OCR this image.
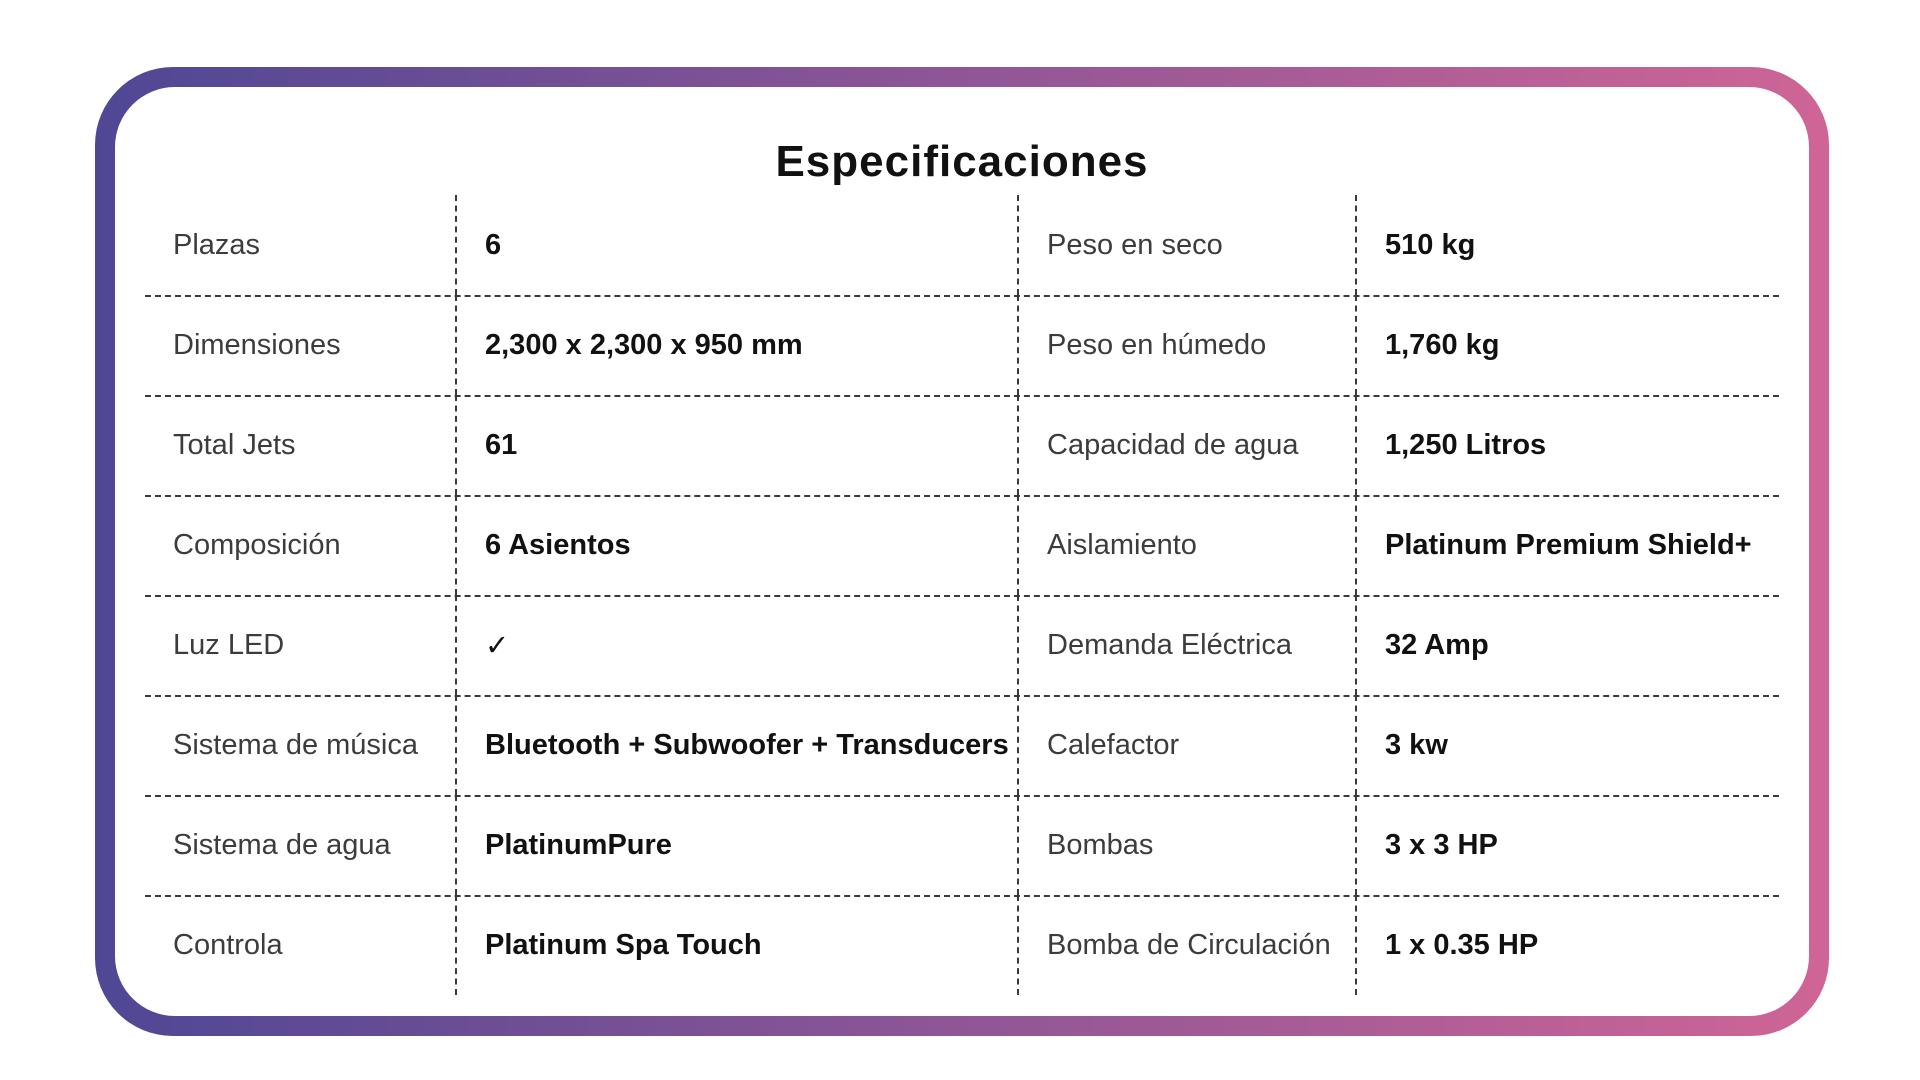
Especificaciones
Plazas	6	Peso en seco	510 kg
Dimensiones	2,300 x 2,300 x 950 mm	Peso en húmedo	1,760 kg
Total Jets	61	Capacidad de agua	1,250 Litros
Composición	6 Asientos	Aislamiento	Platinum Premium Shield+
Luz LED	✓	Demanda Eléctrica	32 Amp
Sistema de música	Bluetooth + Subwoofer + Transducers	Calefactor	3 kw
Sistema de agua	PlatinumPure	Bombas	3 x 3 HP
Controla	Platinum Spa Touch	Bomba de Circulación	1 x 0.35 HP
